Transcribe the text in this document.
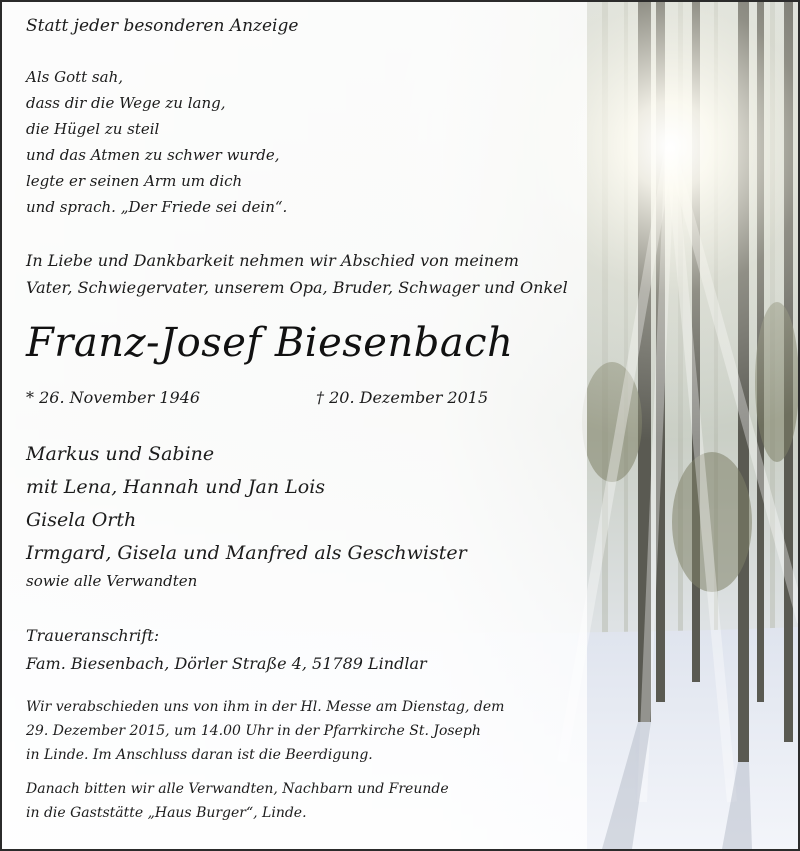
Statt jeder besonderen Anzeige
Als Gott sah,
dass dir die Wege zu lang,
die Hügel zu steil
und das Atmen zu schwer wurde,
legte er seinen Arm um dich
und sprach. „Der Friede sei dein“.
In Liebe und Dankbarkeit nehmen wir Abschied von meinem
Vater, Schwiegervater, unserem Opa, Bruder, Schwager und Onkel
Franz-Josef Biesenbach
* 26. November 1946	† 20. Dezember 2015
Markus und Sabine
mit Lena, Hannah und Jan Lois
Gisela Orth
Irmgard, Gisela und Manfred als Geschwister
sowie alle Verwandten
Traueranschrift:
Fam. Biesenbach, Dörler Straße 4, 51789 Lindlar
Wir verabschieden uns von ihm in der Hl. Messe am Dienstag, dem
29. Dezember 2015, um 14.00 Uhr in der Pfarrkirche St. Joseph
in Linde. Im Anschluss daran ist die Beerdigung.
Danach bitten wir alle Verwandten, Nachbarn und Freunde
in die Gaststätte „Haus Burger“, Linde.
